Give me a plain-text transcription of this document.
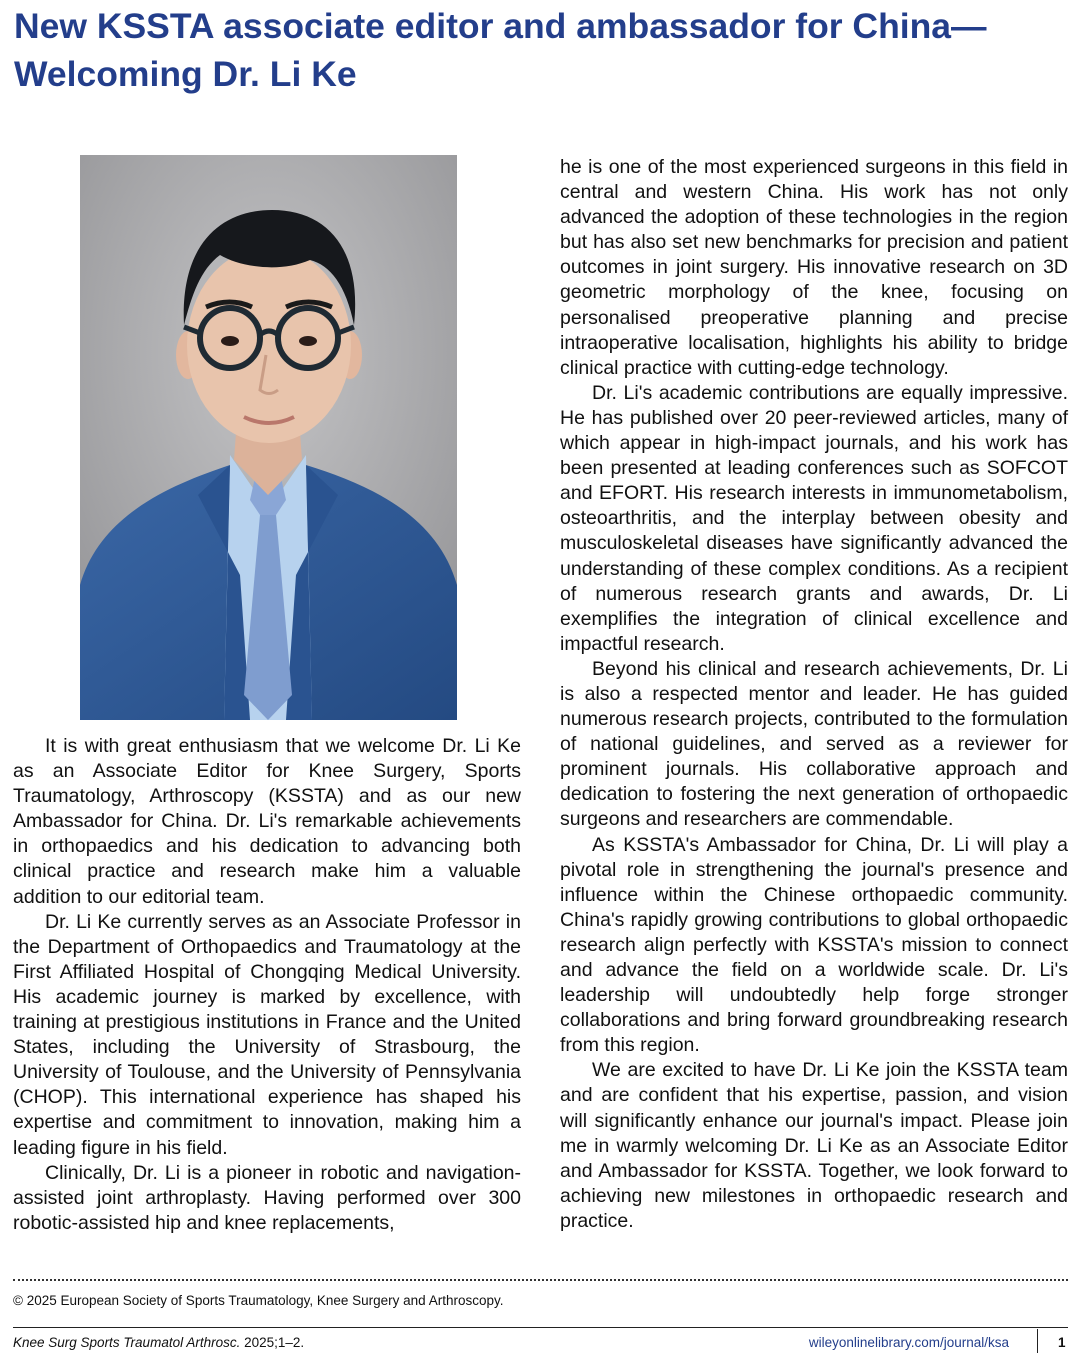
New KSSTA associate editor and ambassador for China—Welcoming Dr. Li Ke

It is with great enthusiasm that we welcome Dr. Li Ke as an Associate Editor for Knee Surgery, Sports Traumatology, Arthroscopy (KSSTA) and as our new Ambassador for China. Dr. Li's remarkable achievements in orthopaedics and his dedication to advancing both clinical practice and research make him a valuable addition to our editorial team.

Dr. Li Ke currently serves as an Associate Professor in the Department of Orthopaedics and Traumatology at the First Affiliated Hospital of Chongqing Medical University. His academic journey is marked by excellence, with training at prestigious institutions in France and the United States, including the University of Strasbourg, the University of Toulouse, and the University of Pennsylvania (CHOP). This international experience has shaped his expertise and commitment to innovation, making him a leading figure in his field.

Clinically, Dr. Li is a pioneer in robotic and navigation-assisted joint arthroplasty. Having performed over 300 robotic-assisted hip and knee replacements,

he is one of the most experienced surgeons in this field in central and western China. His work has not only advanced the adoption of these technologies in the region but has also set new benchmarks for precision and patient outcomes in joint surgery. His innovative research on 3D geometric morphology of the knee, focusing on personalised preoperative planning and precise intraoperative localisation, highlights his ability to bridge clinical practice with cutting-edge technology.

Dr. Li's academic contributions are equally impressive. He has published over 20 peer-reviewed articles, many of which appear in high-impact journals, and his work has been presented at leading conferences such as SOFCOT and EFORT. His research interests in immunometabolism, osteoarthritis, and the interplay between obesity and musculoskeletal diseases have significantly advanced the understanding of these complex conditions. As a recipient of numerous research grants and awards, Dr. Li exemplifies the integration of clinical excellence and impactful research.

Beyond his clinical and research achievements, Dr. Li is also a respected mentor and leader. He has guided numerous research projects, contributed to the formulation of national guidelines, and served as a reviewer for prominent journals. His collaborative approach and dedication to fostering the next generation of orthopaedic surgeons and researchers are commendable.

As KSSTA's Ambassador for China, Dr. Li will play a pivotal role in strengthening the journal's presence and influence within the Chinese orthopaedic community. China's rapidly growing contributions to global orthopaedic research align perfectly with KSSTA's mission to connect and advance the field on a worldwide scale. Dr. Li's leadership will undoubtedly help forge stronger collaborations and bring forward groundbreaking research from this region.

We are excited to have Dr. Li Ke join the KSSTA team and are confident that his expertise, passion, and vision will significantly enhance our journal's impact. Please join me in warmly welcoming Dr. Li Ke as an Associate Editor and Ambassador for KSSTA. Together, we look forward to achieving new milestones in orthopaedic research and practice.

© 2025 European Society of Sports Traumatology, Knee Surgery and Arthroscopy.
Knee Surg Sports Traumatol Arthrosc. 2025;1–2.	wileyonlinelibrary.com/journal/ksa	1
